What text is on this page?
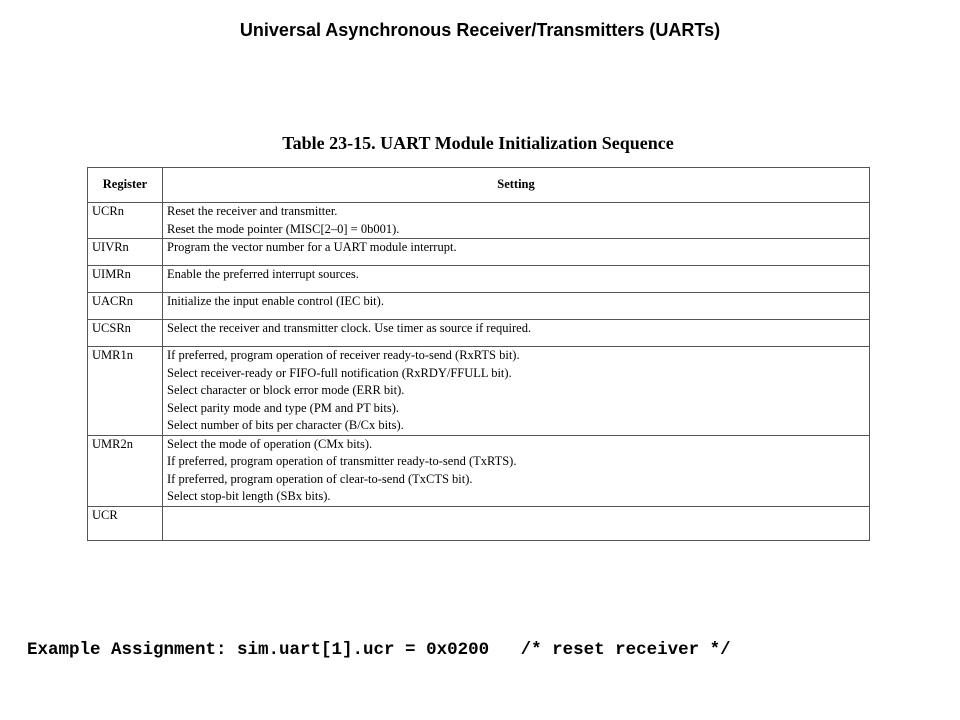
Universal Asynchronous Receiver/Transmitters (UARTs)
Table 23-15. UART Module Initialization Sequence
Register	Setting
UCRn	Reset the receiver and transmitter.
Reset the mode pointer (MISC[2–0] = 0b001).

UIVRn	Program the vector number for a UART module interrupt.

UIMRn	Enable the preferred interrupt sources.

UACRn	Initialize the input enable control (IEC bit).

UCSRn	Select the receiver and transmitter clock. Use timer as source if required.

UMR1n	If preferred, program operation of receiver ready-to-send (RxRTS bit).
Select receiver-ready or FIFO-full notification (RxRDY/FFULL bit).
Select character or block error mode (ERR bit).
Select parity mode and type (PM and PT bits).
Select number of bits per character (B/Cx bits).

UMR2n	Select the mode of operation (CMx bits).
If preferred, program operation of transmitter ready-to-send (TxRTS).
If preferred, program operation of clear-to-send (TxCTS bit).
Select stop-bit length (SBx bits).

UCR	
Example Assignment: sim.uart[1].ucr = 0x0200   /* reset receiver */
